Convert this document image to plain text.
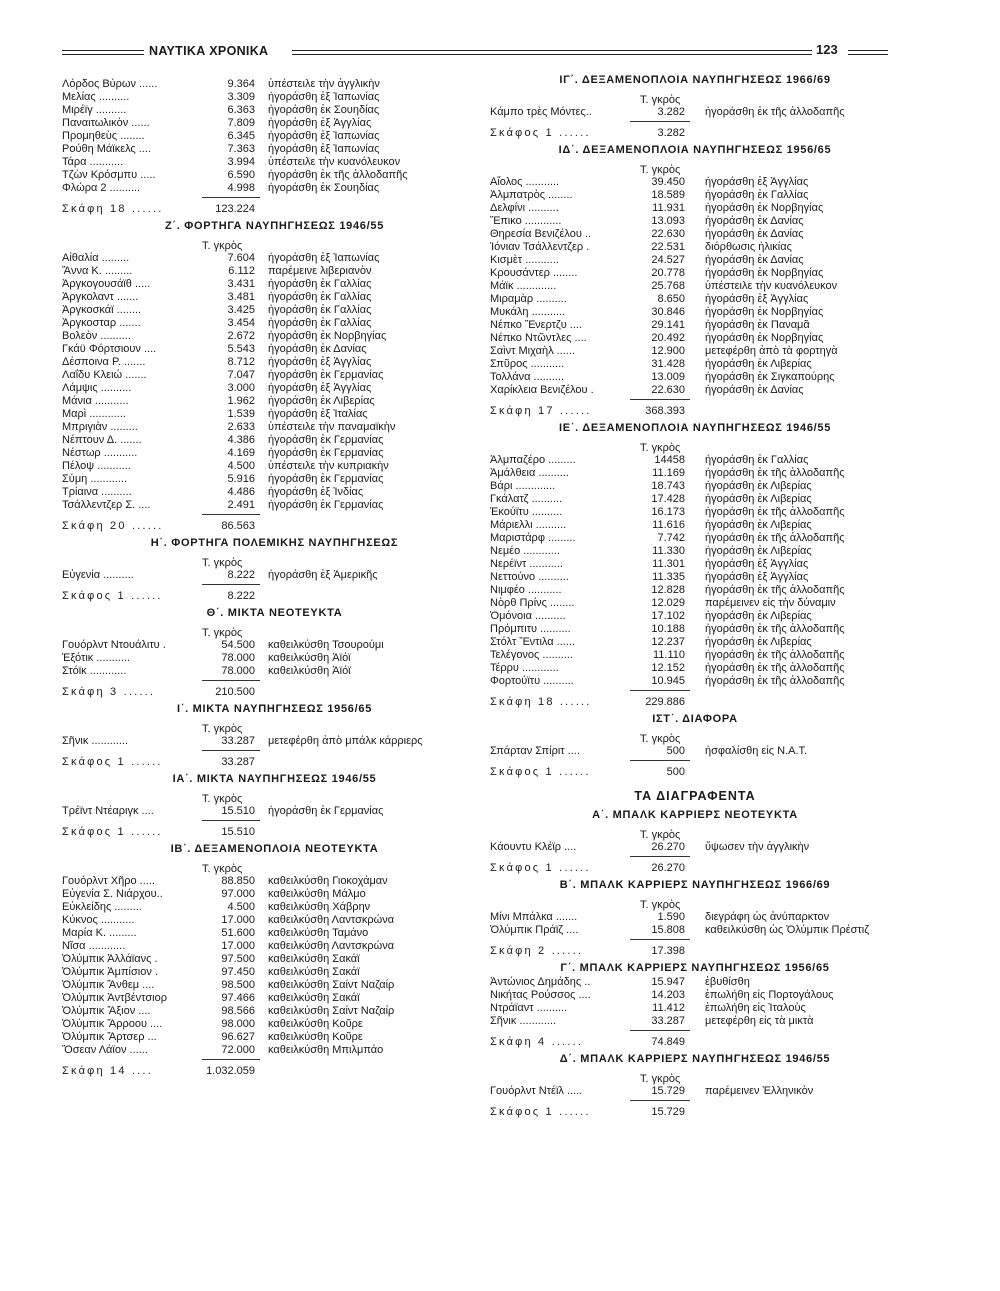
ΝΑΥΤΙΚΑ ΧΡΟΝΙΚΑ	123
Λόρδος Βύρων ......	9.364 ὑπέστειλε τὴν ἀγγλικὴν
Μελίας ..........	3.309 ἠγοράσθη ἐξ Ἰαπωνίας
Μιρέϊγ ..........	6.363 ἠγοράσθη ἐκ Σουηδίας
Παναιτωλικὸν ......	7.809 ἠγοράσθη ἐξ Ἀγγλίας
Προμηθεὺς ........	6.345 ἠγοράσθη ἐξ Ἰαπωνίας
Ρούθη Μάϊκελς ....	7.363 ἠγοράσθη ἐξ Ἰαπωνίας
Τάρα ...........	3.994 ὑπέστειλε τὴν κυανόλευκον
Τζὼν Κρόσμπυ .....	6.590 ἠγοράσθη ἐκ τῆς ἀλλοδαπῆς
Φλώρα 2 ..........	4.998 ἠγοράσθη ἐκ Σουηδίας
Σκάφη 18 ......	123.224
Ζ΄. ΦΟΡΤΗΓΑ ΝΑΥΠΗΓΗΣΕΩΣ 1946/55
Τ. γκρὸς
Αἰθαλία .........	7.604 ἠγοράσθη ἐξ Ἰαπωνίας
Ἄννα Κ. .........	6.112 παρέμεινε λιβεριανὸν
Ἀργκογουσάϊθ .....	3.431 ἠγοράσθη ἐκ Γαλλίας
Ἀργκολαντ .......	3.481 ἠγοράσθη ἐκ Γαλλίας
Ἀργκοσκάϊ ........	3.425 ἠγοράσθη ἐκ Γαλλίας
Ἀργκοσταρ .......	3.454 ἠγοράσθη ἐκ Γαλλίας
Βολεὸν ..........	2.672 ἠγοράσθη ἐκ Νορβηγίας
Γκάϋ Φόρτσιουν ....	5.543 ἠγοράσθη ἐκ Δανίας
Δέσποινα Ρ. .......	8.712 ἠγοράσθη ἐξ Ἀγγλίας
Λαΐδυ Κλειώ .......	7.047 ἠγοράσθη ἐκ Γερμανίας
Λάμψις ..........	3.000 ἠγοράσθη ἐξ Ἀγγλίας
Μάνια ...........	1.962 ἠγοράσθη ἐκ Λιβερίας
Μαρὶ ............	1.539 ἠγοράσθη ἐξ Ἰταλίας
Μπριγιὰν .........	2.633 ὑπέστειλε τὴν παναμαϊκὴν
Νέπτουν Δ. .......	4.386 ἠγοράσθη ἐκ Γερμανίας
Νέστωρ ...........	4.169 ἠγοράσθη ἐκ Γερμανίας
Πέλοψ ...........	4.500 ὑπέστειλε τὴν κυπριακὴν
Σύμη ............	5.916 ἠγοράσθη ἐκ Γερμανίας
Τρίαινα ..........	4.486 ἠγοράσθη ἐξ Ἰνδίας
Τσάλλεντζερ Σ. ....	2.491 ἠγοράσθη ἐκ Γερμανίας
Σκάφη 20 ......	86.563
Η΄. ΦΟΡΤΗΓΑ ΠΟΛΕΜΙΚΗΣ ΝΑΥΠΗΓΗΣΕΩΣ
Τ. γκρὸς
Εὐγενία ..........	8.222 ἠγοράσθη ἐξ Ἀμερικῆς
Σκάφος 1 ......	8.222
Θ΄. ΜΙΚΤΑ ΝΕΟΤΕΥΚΤΑ
Τ. γκρὸς
Γουόρλντ Ντουάλιτυ .	54.500 καθειλκύσθη Τσουρούμι
Ἐξότικ ...........	78.000 καθειλκύσθη Ἀϊόϊ
Στόϊκ ............	78.000 καθειλκύσθη Ἀϊόϊ
Σκάφη 3 ......	210.500
Ι΄. ΜΙΚΤΑ ΝΑΥΠΗΓΗΣΕΩΣ 1956/65
Τ. γκρὸς
Σῆνικ ............	33.287 μετεφέρθη ἀπὸ μπάλκ κάρριερς
Σκάφος 1 ......	33.287
ΙΑ΄. ΜΙΚΤΑ ΝΑΥΠΗΓΗΣΕΩΣ 1946/55
Τ. γκρὸς
Τρέϊντ Ντέαριγκ ....	15.510 ἠγοράσθη ἐκ Γερμανίας
Σκάφος 1 ......	15.510
ΙΒ΄. ΔΕΞΑΜΕΝΟΠΛΟΙΑ ΝΕΟΤΕΥΚΤΑ
Τ. γκρὸς
Γουόρλντ Χῆρο .....	88.850 καθειλκύσθη Γιοκοχάμαν
Εὐγενία Σ. Νιάρχου..	97.000 καθειλκύσθη Μάλμο
Εὐκλείδης .........	4.500 καθειλκύσθη Χάβρην
Κύκνος ...........	17.000 καθειλκύσθη Λαντσκρώνα
Μαρία Κ. .........	51.600 καθειλκύσθη Ταμάνο
Νῖσα ............	17.000 καθειλκύσθη Λαντσκρώνα
Ὀλύμπικ Ἀλλάϊανς .	97.500 καθειλκύσθη Σακάϊ
Ὀλύμπικ Ἀμπίσιον .	97.450 καθειλκύσθη Σακάϊ
Ὀλύμπικ Ἄνθεμ ....	98.500 καθειλκύσθη Σαίντ Ναζαίρ
Ὀλύμπικ Ἀντβέντσιορ	97.466 καθειλκύσθη Σακάϊ
Ὀλύμπικ Ἄξιον ....	98.566 καθειλκύσθη Σαίντ Ναζαίρ
Ὀλύμπικ Ἄρροου ....	98.000 καθειλκύσθη Κοῦρε
Ὀλύμπικ Ἄρτσερ ...	96.627 καθειλκύσθη Κοῦρε
Ὄσεαν Λάϊον ......	72.000 καθειλκύσθη Μπιλμπάο
Σκάφη 14 ....	1.032.059
ΙΓ΄. ΔΕΞΑΜΕΝΟΠΛΟΙΑ ΝΑΥΠΗΓΗΣΕΩΣ 1966/69
Τ. γκρὸς
Κάμπο τρὲς Μόντες..	3.282 ἠγοράσθη ἐκ τῆς ἀλλοδαπῆς
Σκάφος 1 ......	3.282
ΙΔ΄. ΔΕΞΑΜΕΝΟΠΛΟΙΑ ΝΑΥΠΗΓΗΣΕΩΣ 1956/65
Τ. γκρὸς
Αἴολος ...........	39.450 ἠγοράσθη ἐξ Ἀγγλίας
Ἀλμπατρὸς ........	18.589 ἠγοράσθη ἐκ Γαλλίας
Δελφίνι ..........	11.931 ἠγοράσθη ἐκ Νορβηγίας
Ἔπικο ............	13.093 ἠγοράσθη ἐκ Δανίας
Θηρεσία Βενιζέλου ..	22.630 ἠγοράσθη ἐκ Δανίας
Ἰόνιαν Τσάλλεντζερ .	22.531 διόρθωσις ἡλικίας
Κισμὲτ ...........	24.527 ἠγοράσθη ἐκ Δανίας
Κρουσάντερ ........	20.778 ἠγοράσθη ἐκ Νορβηγίας
Μάϊκ .............	25.768 ὑπέστειλε τὴν κυανόλευκον
Μιραμὰρ ..........	8.650 ἠγοράσθη ἐξ Ἀγγλίας
Μυκάλη ...........	30.846 ἠγοράσθη ἐκ Νορβηγίας
Νέπκο Ἔνερτζυ ....	29.141 ἠγοράσθη ἐκ Παναμᾶ
Νέπκο Ντῶντλες ....	20.492 ἠγοράσθη ἐκ Νορβηγίας
Σαὶντ Μιχαὴλ ......	12.900 μετεφέρθη ἀπὸ τὰ φορτηγὰ
Σπῦρος ...........	31.428 ἠγοράσθη ἐκ Λιβερίας
Τολλάνα ..........	13.009 ἠγοράσθη ἐκ Σιγκαπούρης
Χαρίκλεια Βενιζέλου .	22.630 ἠγοράσθη ἐκ Δανίας
Σκάφη 17 ......	368.393
ΙΕ΄. ΔΕΞΑΜΕΝΟΠΛΟΙΑ ΝΑΥΠΗΓΗΣΕΩΣ 1946/55
Τ. γκρὸς
Ἀλμπαζέρο .........	14458 ἠγοράσθη ἐκ Γαλλίας
Ἀμάλθεια ..........	11.169 ἠγοράσθη ἐκ τῆς ἀλλοδαπῆς
Βάρι .............	18.743 ἠγοράσθη ἐκ Λιβερίας
Γκάλατζ ..........	17.428 ἠγοράσθη ἐκ Λιβερίας
Ἐκούϊτυ ..........	16.173 ἠγοράσθη ἐκ τῆς ἀλλοδαπῆς
Μάριελλι ..........	11.616 ἠγοράσθη ἐκ Λιβερίας
Μαριστάρφ .........	7.742 ἠγοράσθη ἐκ τῆς ἀλλοδαπῆς
Νεμέο ............	11.330 ἠγοράσθη ἐκ Λιβερίας
Νερέϊντ ...........	11.301 ἠγοράσθη ἐξ Ἀγγλίας
Νεττούνο ..........	11.335 ἠγοράσθη ἐξ Ἀγγλίας
Νιμφέο ...........	12.828 ἠγοράσθη ἐκ τῆς ἀλλοδαπῆς
Νὸρθ Πρίνς ........	12.029 παρέμεινεν εἰς τὴν δύναμιν
Ὁμόνοια ..........	17.102 ἠγοράσθη ἐκ Λιβερίας
Πρόμπιτυ ..........	10.188 ἠγοράσθη ἐκ τῆς ἀλλοδαπῆς
Στόλτ Ἔντιλα ......	12.237 ἠγοράσθη ἐκ Λιβερίας
Τελέγονος ..........	11.110 ἠγοράσθη ἐκ τῆς ἀλλοδαπῆς
Τέρρυ ............	12.152 ἠγοράσθη ἐκ τῆς ἀλλοδαπῆς
Φορτούϊτυ ..........	10.945 ἠγοράσθη ἐκ τῆς ἀλλοδαπῆς
Σκάφη 18 ......	229.886
ΙΣΤ΄. ΔΙΑΦΟΡΑ
Τ. γκρὸς
Σπάρταν Σπίριτ ....	500 ἠσφαλίσθη εἰς Ν.Α.Τ.
Σκάφος 1 ......	500
ΤΑ ΔΙΑΓΡΑΦΕΝΤΑ
Α΄. ΜΠΑΛΚ ΚΑΡΡΙΕΡΣ ΝΕΟΤΕΥΚΤΑ
Τ. γκρὸς
Κάουντυ Κλέϊρ ....	26.270 ὕψωσεν τὴν ἀγγλικὴν
Σκάφος 1 ......	26.270
Β΄. ΜΠΑΛΚ ΚΑΡΡΙΕΡΣ ΝΑΥΠΗΓΗΣΕΩΣ 1966/69
Τ. γκρὸς
Μίνι Μπάλκα .......	1.590 διεγράφη ὡς ἀνύπαρκτον
Ὀλύμπικ Πράϊζ ....	15.808 καθειλκύσθη ὡς Ὀλύμπικ Πρέστιζ
Σκάφη 2 ......	17.398
Γ΄. ΜΠΑΛΚ ΚΑΡΡΙΕΡΣ ΝΑΥΠΗΓΗΣΕΩΣ 1956/65
Ἀντώνιος Δημάδης ..	15.947 ἐβυθίσθη
Νικήτας Ρούσσος ....	14.203 ἐπωλήθη εἰς Πορτογάλους
Ντράϊαντ ..........	11.412 ἐπωλήθη εἰς Ἰταλοὺς
Σῆνικ ............	33.287 μετεφέρθη εἰς τὰ μικτὰ
Σκάφη 4 ......	74.849
Δ΄. ΜΠΑΛΚ ΚΑΡΡΙΕΡΣ ΝΑΥΠΗΓΗΣΕΩΣ 1946/55
Τ. γκρὸς
Γουόρλντ Ντέϊλ .....	15.729 παρέμεινεν Ἑλληνικὸν
Σκάφος 1 ......	15.729
